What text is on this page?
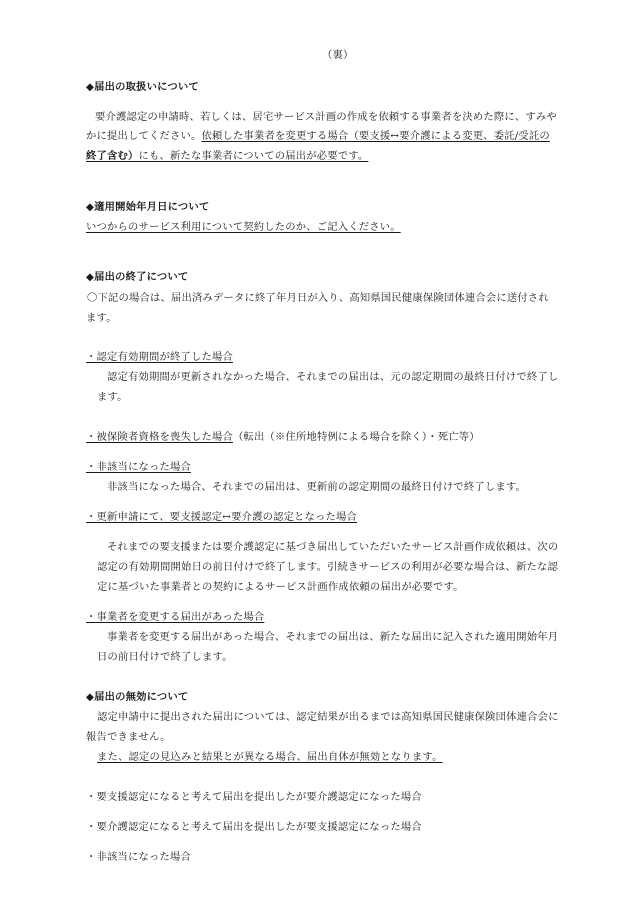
（裏）
◆届出の取扱いについて
要介護認定の申請時、若しくは、居宅サービス計画の作成を依頼する事業者を決めた際に、すみや
かに提出してください。依頼した事業者を変更する場合（要支援↔要介護による変更、委託/受託の
終了含む）にも、新たな事業者についての届出が必要です。
◆適用開始年月日について
いつからのサービス利用について契約したのか、ご記入ください。
◆届出の終了について
〇下記の場合は、届出済みデータに終了年月日が入り、高知県国民健康保険団体連合会に送付され
ます。
・認定有効期間が終了した場合
認定有効期間が更新されなかった場合、それまでの届出は、元の認定期間の最終日付けで終了し
ます。
・被保険者資格を喪失した場合（転出（※住所地特例による場合を除く）・死亡等）
・非該当になった場合
非該当になった場合、それまでの届出は、更新前の認定期間の最終日付けで終了します。
・更新申請にて、要支援認定↔要介護の認定となった場合
それまでの要支援または要介護認定に基づき届出していただいたサービス計画作成依頼は、次の
認定の有効期間開始日の前日付けで終了します。引続きサービスの利用が必要な場合は、新たな認
定に基づいた事業者との契約によるサービス計画作成依頼の届出が必要です。
・事業者を変更する届出があった場合
事業者を変更する届出があった場合、それまでの届出は、新たな届出に記入された適用開始年月
日の前日付けで終了します。
◆届出の無効について
認定申請中に提出された届出については、認定結果が出るまでは高知県国民健康保険団体連合会に
報告できません。
また、認定の見込みと結果とが異なる場合、届出自体が無効となります。
・要支援認定になると考えて届出を提出したが要介護認定になった場合
・要介護認定になると考えて届出を提出したが要支援認定になった場合
・非該当になった場合
